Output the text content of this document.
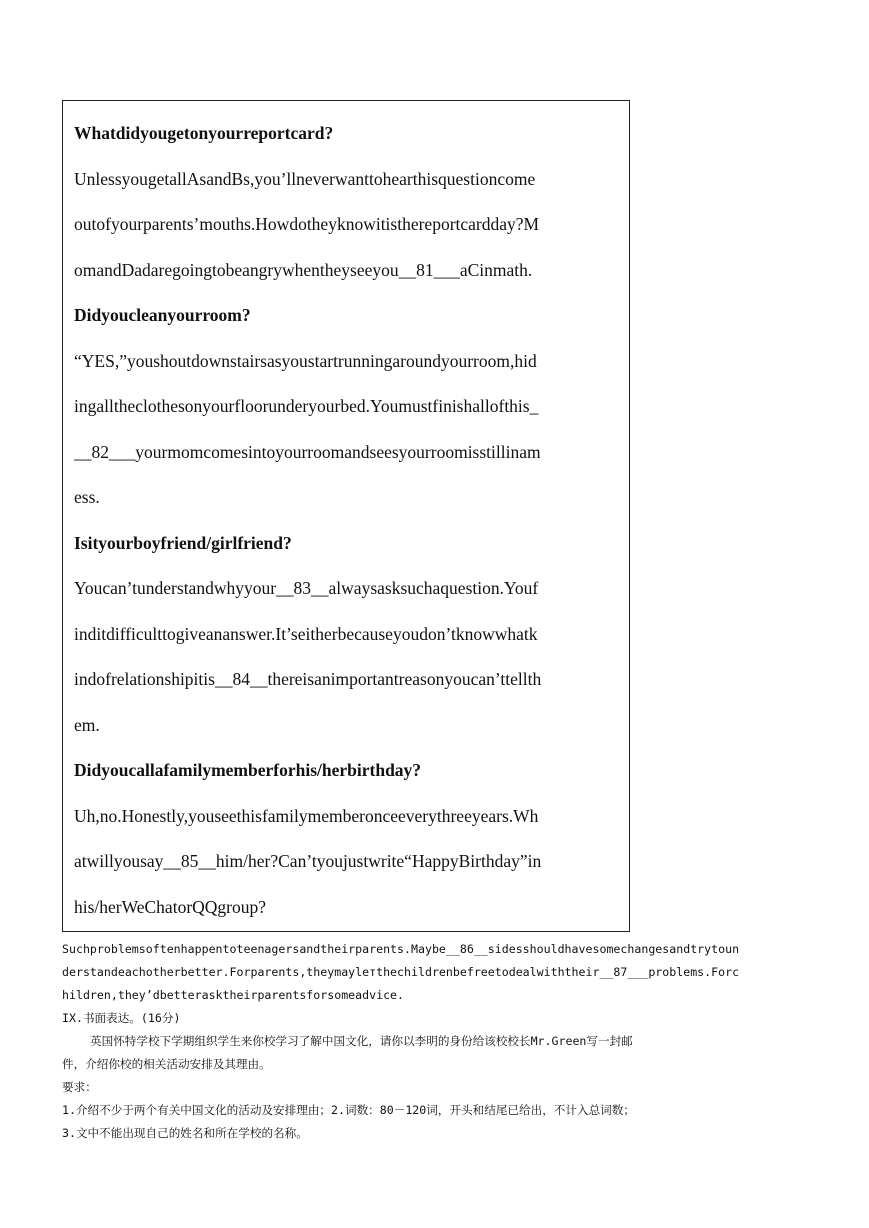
Whatdidyougetonyourreportcard?
UnlessyougetallAsandBs,you’llneverwanttohearthisquestioncome
outofyourparents’mouths.Howdotheyknowitisthereportcardday?M
omandDadaregoingtobeangrywhentheyseeyou__81___aCinmath.
Didyoucleanyourroom?
“YES,”youshoutdownstairsasyoustartrunningaroundyourroom,hid
ingalltheclothesonyourfloorunderyourbed.Youmustfinishallofthis_
__82___yourmomcomesintoyourroomandseesyourroomisstillinam
ess.
Isityourboyfriend/girlfriend?
Youcan’tunderstandwhyyour__83__alwaysasksuchaquestion.Youf
inditdifficulttogiveananswer.It’seitherbecauseyoudon’tknowwhatk
indofrelationshipitis__84__thereisanimportantreasonyoucan’ttellth
em.
Didyoucallafamilymemberforhis/herbirthday?
Uh,no.Honestly,youseethisfamilymemberonceeverythreeyears.Wh
atwillyousay__85__him/her?Can’tyoujustwrite“HappyBirthday”in
his/herWeChatorQQgroup?
Suchproblemsoftenhappentoteenagersandtheirparents.Maybe__86__sidesshouldhavesomechangesandtrytoun
derstandeachotherbetter.Forparents,theymaylетthechildrenbefreetodealwiththeir__87___problems.Forc
hildren,they’dbetterasktheirparentsforsomeadvice.
IX.书面表达。(16分)
英国怀特学校下学期组织学生来你校学习了解中国文化，请你以李明的身份给该校校长Mr.Green写一封邮
件，介绍你校的相关活动安排及其理由。
要求：
1.介绍不少于两个有关中国文化的活动及安排理由；2.词数：80－120词，开头和结尾已给出，不计入总词数；
3.文中不能出现自己的姓名和所在学校的名称。
